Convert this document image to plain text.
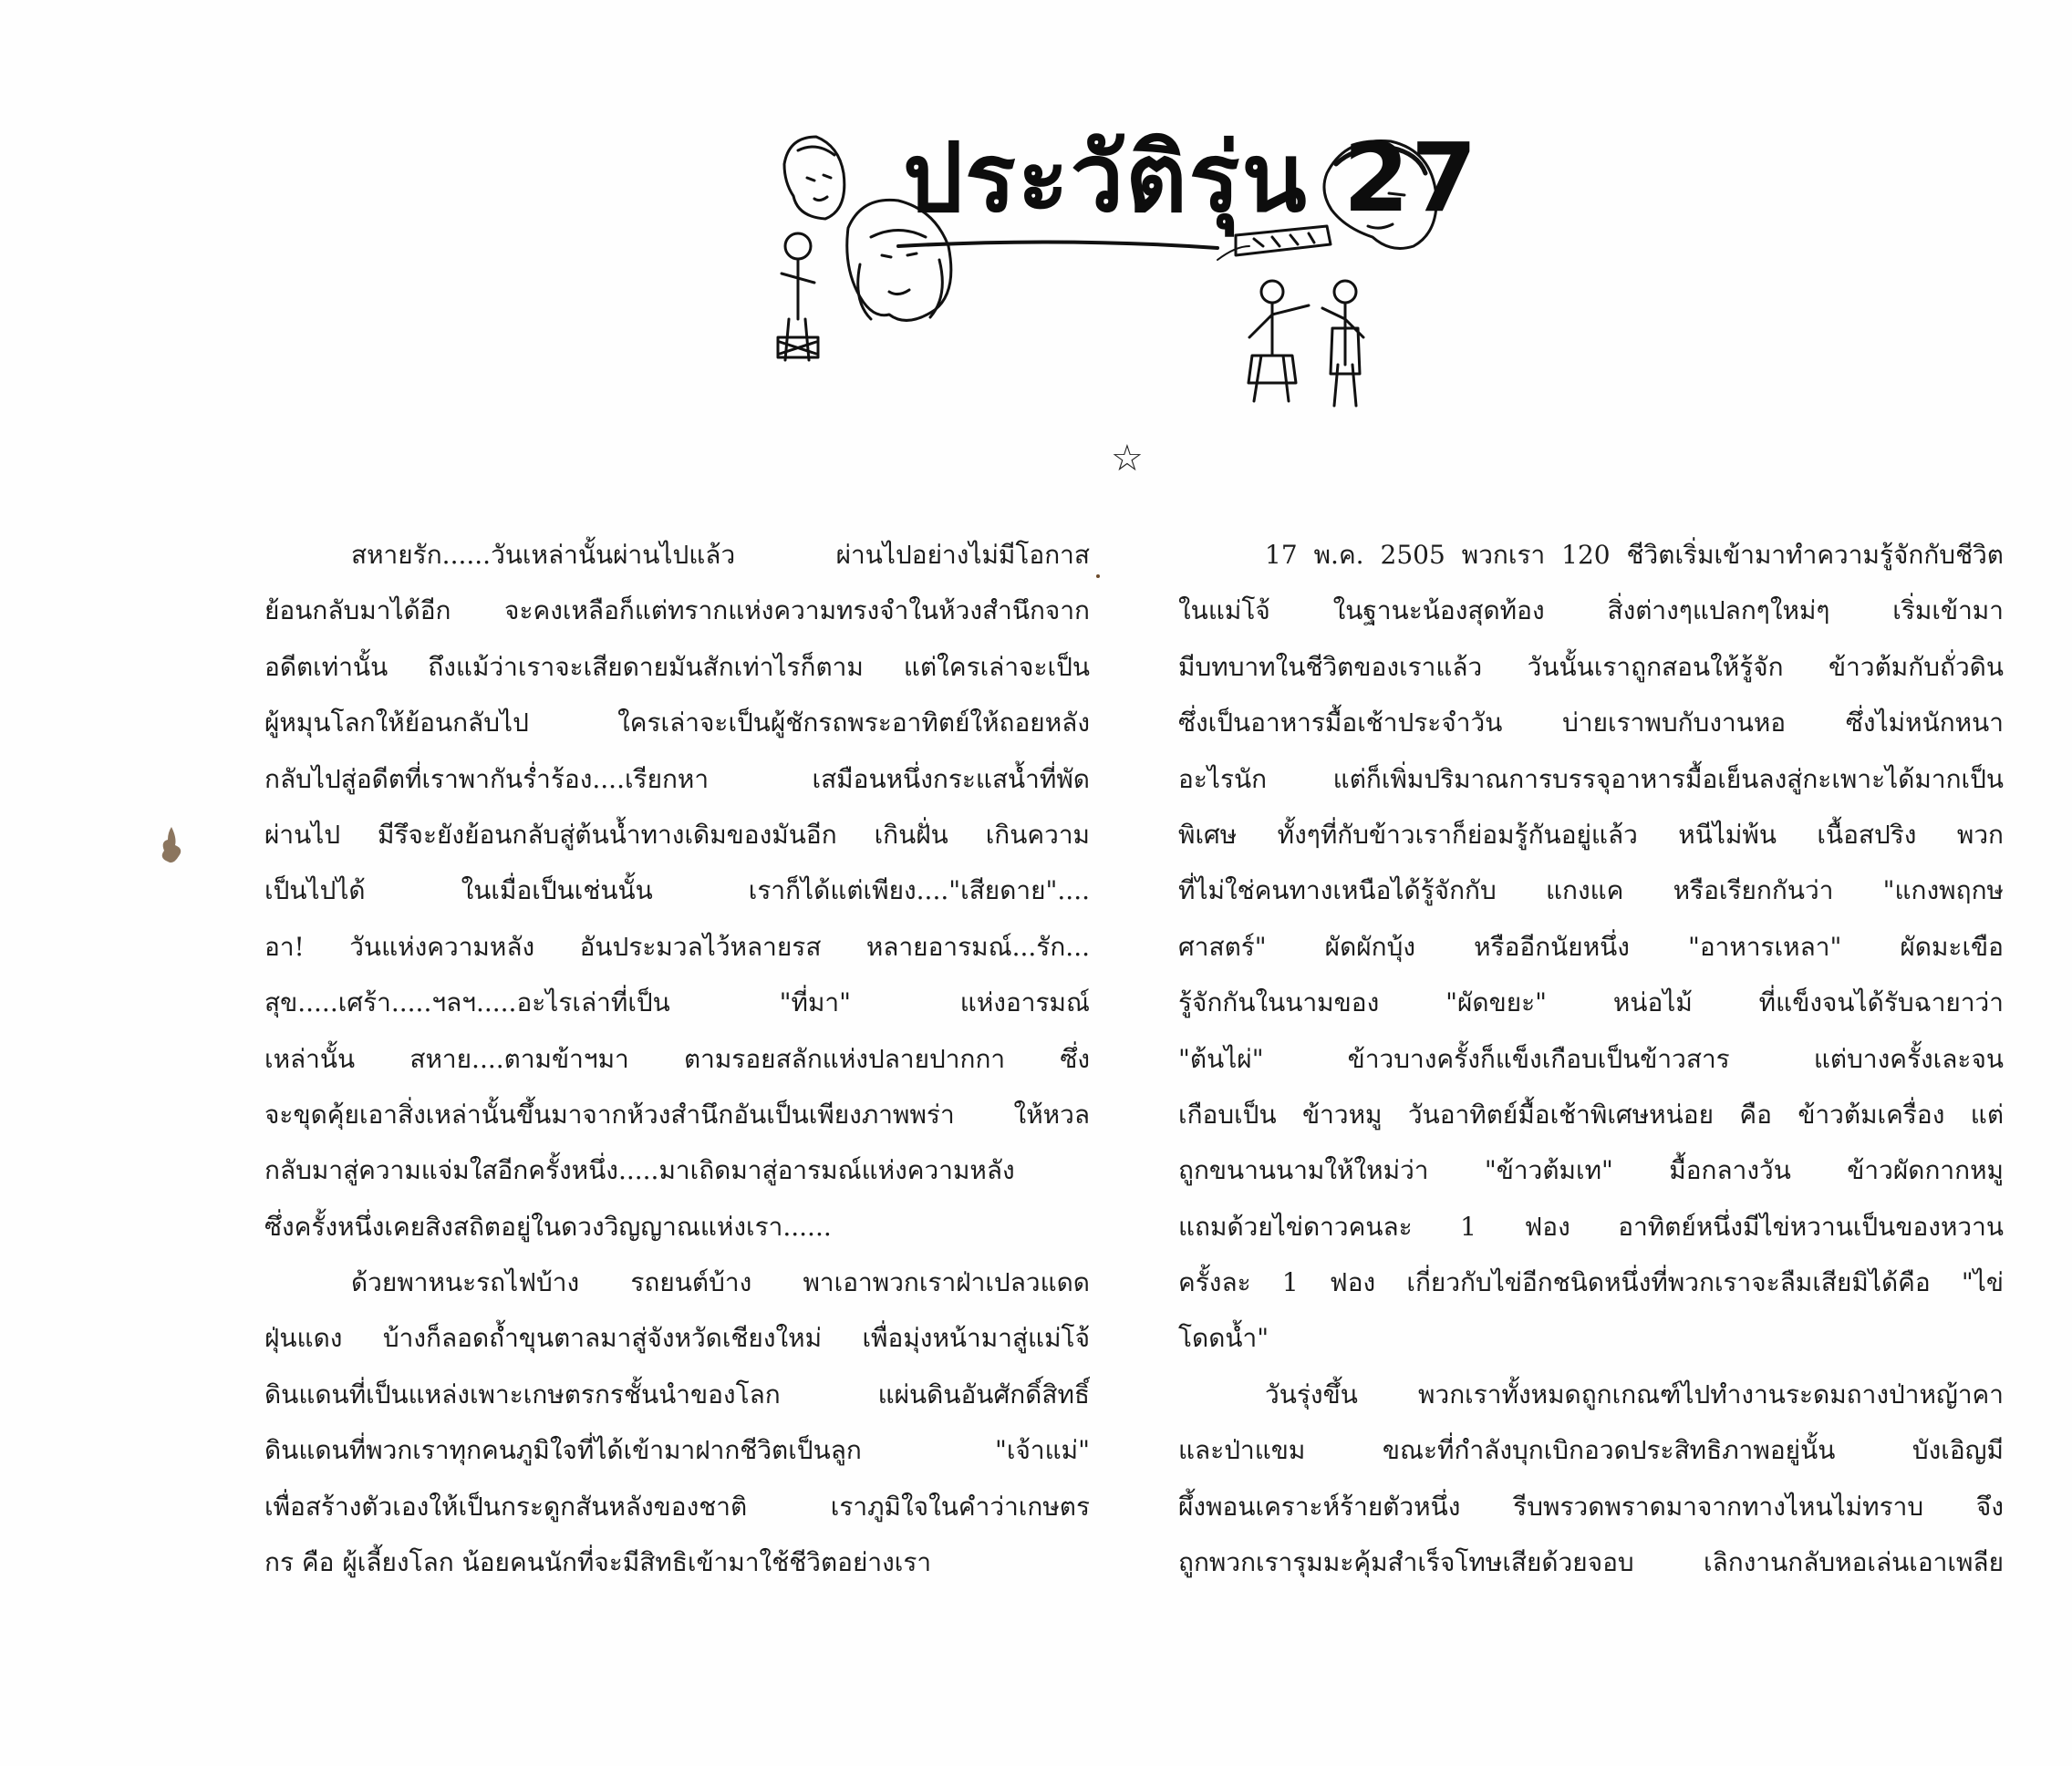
ประวัติรุ่น 27
☆
สหายรัก......วันเหล่านั้นผ่านไปแล้ว ผ่านไปอย่างไม่มีโอกาส
ย้อนกลับมาได้อีก จะคงเหลือก็แต่ทรากแห่งความทรงจำในห้วงสำนึกจาก
อดีตเท่านั้น ถึงแม้ว่าเราจะเสียดายมันสักเท่าไรก็ตาม แต่ใครเล่าจะเป็น
ผู้หมุนโลกให้ย้อนกลับไป ใครเล่าจะเป็นผู้ชักรถพระอาทิตย์ให้ถอยหลัง
กลับไปสู่อดีตที่เราพากันร่ำร้อง....เรียกหา เสมือนหนึ่งกระแสน้ำที่พัด
ผ่านไป มีรึจะยังย้อนกลับสู่ต้นน้ำทางเดิมของมันอีก เกินฝั่น เกินความ
เป็นไปได้ ในเมื่อเป็นเช่นนั้น เราก็ได้แต่เพียง...."เสียดาย"....
อา! วันแห่งความหลัง อันประมวลไว้หลายรส หลายอารมณ์...รัก...
สุข.....เศร้า.....ฯลฯ.....อะไรเล่าที่เป็น "ที่มา" แห่งอารมณ์
เหล่านั้น สหาย....ตามข้าฯมา ตามรอยสลักแห่งปลายปากกา ซึ่ง
จะขุดคุ้ยเอาสิ่งเหล่านั้นขึ้นมาจากห้วงสำนึกอันเป็นเพียงภาพพร่า ให้หวล
กลับมาสู่ความแจ่มใสอีกครั้งหนึ่ง.....มาเถิดมาสู่อารมณ์แห่งความหลัง
ซึ่งครั้งหนึ่งเคยสิงสถิตอยู่ในดวงวิญญาณแห่งเรา......
ด้วยพาหนะรถไฟบ้าง รถยนต์บ้าง พาเอาพวกเราฝ่าเปลวแดด
ฝุ่นแดง บ้างก็ลอดถ้ำขุนตาลมาสู่จังหวัดเชียงใหม่ เพื่อมุ่งหน้ามาสู่แม่โจ้
ดินแดนที่เป็นแหล่งเพาะเกษตรกรชั้นนำของโลก แผ่นดินอันศักดิ์สิทธิ์
ดินแดนที่พวกเราทุกคนภูมิใจที่ได้เข้ามาฝากชีวิตเป็นลูก "เจ้าแม่"
เพื่อสร้างตัวเองให้เป็นกระดูกสันหลังของชาติ เราภูมิใจในคำว่าเกษตร
กร คือ ผู้เลี้ยงโลก น้อยคนนักที่จะมีสิทธิเข้ามาใช้ชีวิตอย่างเรา
17 พ.ค. 2505 พวกเรา 120 ชีวิตเริ่มเข้ามาทำความรู้จักกับชีวิต
ในแม่โจ้ ในฐานะน้องสุดท้อง สิ่งต่างๆแปลกๆใหม่ๆ เริ่มเข้ามา
มีบทบาทในชีวิตของเราแล้ว วันนั้นเราถูกสอนให้รู้จัก ข้าวต้มกับถั่วดิน
ซึ่งเป็นอาหารมื้อเช้าประจำวัน บ่ายเราพบกับงานหอ ซึ่งไม่หนักหนา
อะไรนัก แต่ก็เพิ่มปริมาณการบรรจุอาหารมื้อเย็นลงสู่กะเพาะได้มากเป็น
พิเศษ ทั้งๆที่กับข้าวเราก็ย่อมรู้กันอยู่แล้ว หนีไม่พ้น เนื้อสปริง พวก
ที่ไม่ใช่คนทางเหนือได้รู้จักกับ แกงแค หรือเรียกกันว่า "แกงพฤกษ
ศาสตร์" ผัดผักบุ้ง หรืออีกนัยหนึ่ง "อาหารเหลา" ผัดมะเขือ
รู้จักกันในนามของ "ผัดขยะ" หน่อไม้ ที่แข็งจนได้รับฉายาว่า
"ต้นไผ่" ข้าวบางครั้งก็แข็งเกือบเป็นข้าวสาร แต่บางครั้งเละจน
เกือบเป็น ข้าวหมู วันอาทิตย์มื้อเช้าพิเศษหน่อย คือ ข้าวต้มเครื่อง แต่
ถูกขนานนามให้ใหม่ว่า "ข้าวต้มเท" มื้อกลางวัน ข้าวผัดกากหมู
แถมด้วยไข่ดาวคนละ 1 ฟอง อาทิตย์หนึ่งมีไข่หวานเป็นของหวาน
ครั้งละ 1 ฟอง เกี่ยวกับไข่อีกชนิดหนึ่งที่พวกเราจะลืมเสียมิได้คือ "ไข่
โดดน้ำ"
วันรุ่งขึ้น พวกเราทั้งหมดถูกเกณฑ์ไปทำงานระดมถางป่าหญ้าคา
และป่าแขม ขณะที่กำลังบุกเบิกอวดประสิทธิภาพอยู่นั้น บังเอิญมี
ผึ้งพอนเคราะห์ร้ายตัวหนึ่ง รีบพรวดพราดมาจากทางไหนไม่ทราบ จึง
ถูกพวกเรารุมมะคุ้มสำเร็จโทษเสียด้วยจอบ เลิกงานกลับหอเล่นเอาเพลีย
